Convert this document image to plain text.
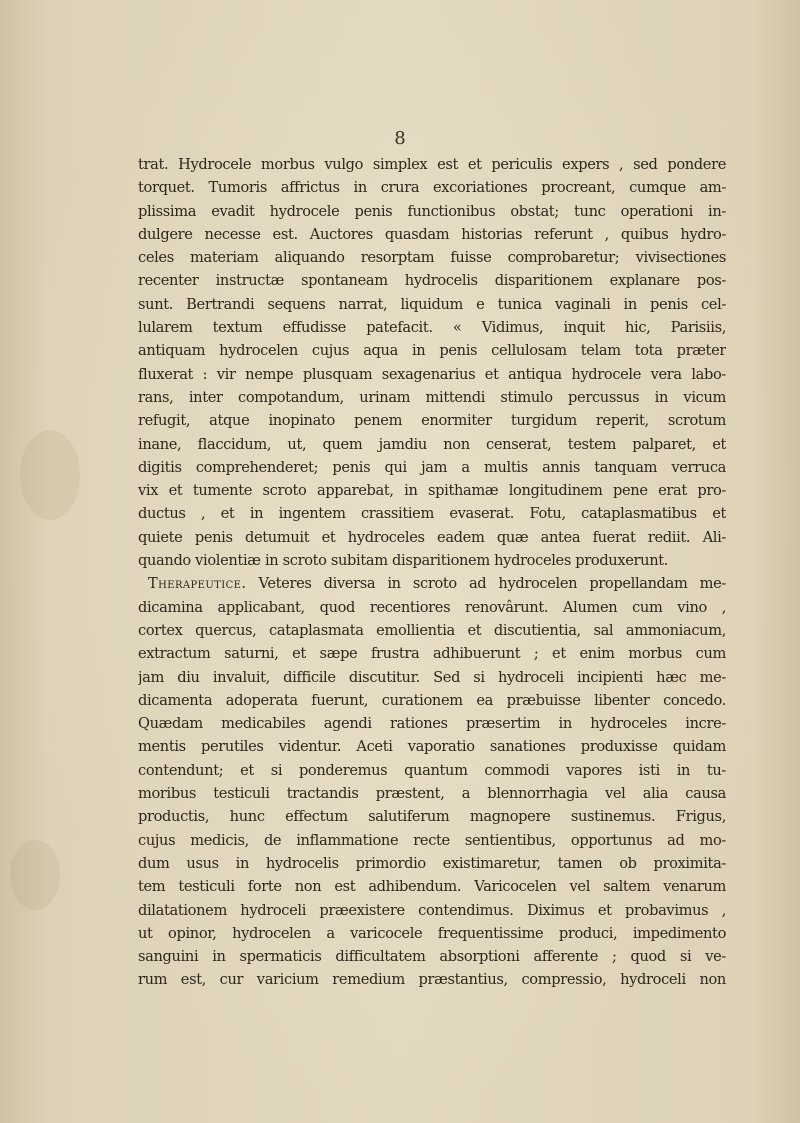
8
trat. Hydrocele morbus vulgo simplex est et periculis expers , sed pondere
torquet. Tumoris affrictus in crura excoriationes procreant, cumque am-
plissima evadit hydrocele penis functionibus obstat; tunc operationi in-
dulgere necesse est. Auctores quasdam historias referunt , quibus hydro-
celes materiam aliquando resorptam fuisse comprobaretur; vivisectiones
recenter instructæ spontaneam hydrocelis disparitionem explanare pos-
sunt. Bertrandi sequens narrat, liquidum e tunica vaginali in penis cel-
lularem textum effudisse patefacit. « Vidimus, inquit hic, Parisiis,
antiquam hydrocelen cujus aqua in penis cellulosam telam tota præter
fluxerat : vir nempe plusquam sexagenarius et antiqua hydrocele vera labo-
rans, inter compotandum, urinam mittendi stimulo percussus in vicum
refugit, atque inopinato penem enormiter turgidum reperit, scrotum
inane, flaccidum, ut, quem jamdiu non censerat, testem palparet, et
digitis comprehenderet; penis qui jam a multis annis tanquam verruca
vix et tumente scroto apparebat, in spithamæ longitudinem pene erat pro-
ductus , et in ingentem crassitiem evaserat. Fotu, cataplasmatibus et
quiete penis detumuit et hydroceles eadem quæ antea fuerat rediit. Ali-
quando violentiæ in scroto subitam disparitionem hydroceles produxerunt.
Therapeutice. Veteres diversa in scroto ad hydrocelen propellandam me-
dicamina applicabant, quod recentiores renovârunt. Alumen cum vino ,
cortex quercus, cataplasmata emollientia et discutientia, sal ammoniacum,
extractum saturni, et sæpe frustra adhibuerunt ; et enim morbus cum
jam diu invaluit, difficile discutitur. Sed si hydroceli incipienti hæc me-
dicamenta adoperata fuerunt, curationem ea præbuisse libenter concedo.
Quædam medicabiles agendi rationes præsertim in hydroceles incre-
mentis perutiles videntur. Aceti vaporatio sanationes produxisse quidam
contendunt; et si ponderemus quantum commodi vapores isti in tu-
moribus testiculi tractandis præstent, a blennorrhagia vel alia causa
productis, hunc effectum salutiferum magnopere sustinemus. Frigus,
cujus medicis, de inflammatione recte sentientibus, opportunus ad mo-
dum usus in hydrocelis primordio existimaretur, tamen ob proximita-
tem testiculi forte non est adhibendum. Varicocelen vel saltem venarum
dilatationem hydroceli præexistere contendimus. Diximus et probavimus ,
ut opinor, hydrocelen a varicocele frequentissime produci, impedimento
sanguini in spermaticis difficultatem absorptioni afferente ; quod si ve-
rum est, cur varicium remedium præstantius, compressio, hydroceli non
